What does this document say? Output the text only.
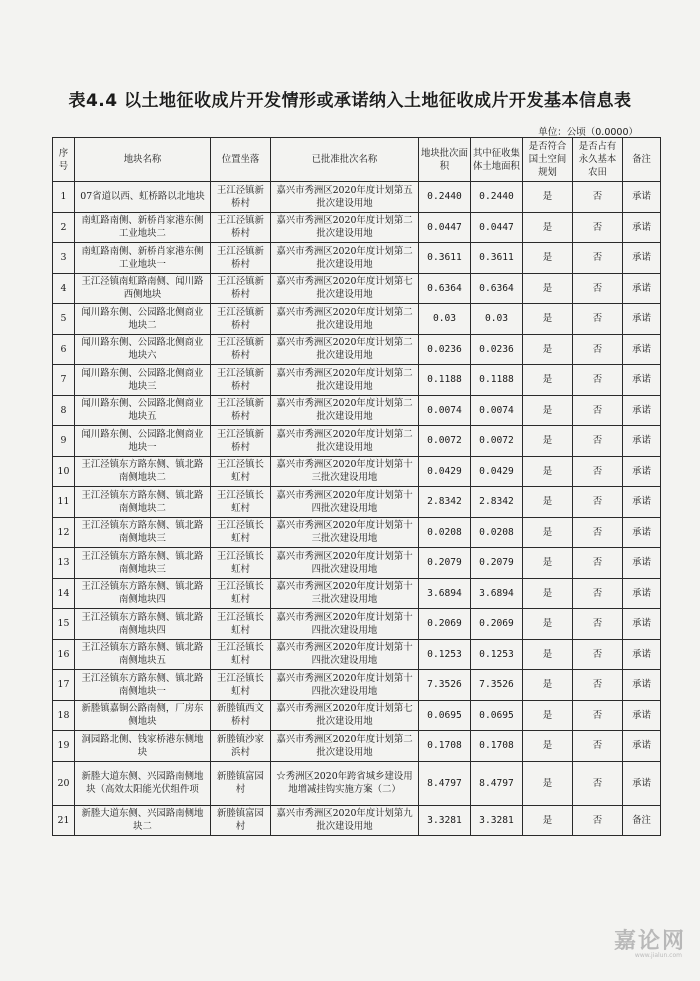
表4.4 以土地征收成片开发情形或承诺纳入土地征收成片开发基本信息表
单位：公顷（0.0000）
序号	地块名称	位置坐落	已批准批次名称	地块批次面积	其中征收集体土地面积	是否符合国土空间规划	是否占有永久基本农田	备注
1	07省道以西、虹桥路以北地块	王江泾镇新桥村	嘉兴市秀洲区2020年度计划第五批次建设用地	0.2440	0.2440	是	否	承诺
2	南虹路南侧、新桥肖家港东侧工业地块二	王江泾镇新桥村	嘉兴市秀洲区2020年度计划第二批次建设用地	0.0447	0.0447	是	否	承诺
3	南虹路南侧、新桥肖家港东侧工业地块一	王江泾镇新桥村	嘉兴市秀洲区2020年度计划第二批次建设用地	0.3611	0.3611	是	否	承诺
4	王江泾镇南虹路南侧、闻川路西侧地块	王江泾镇新桥村	嘉兴市秀洲区2020年度计划第七批次建设用地	0.6364	0.6364	是	否	承诺
5	闻川路东侧、公园路北侧商业地块二	王江泾镇新桥村	嘉兴市秀洲区2020年度计划第二批次建设用地	0.03	0.03	是	否	承诺
6	闻川路东侧、公园路北侧商业地块六	王江泾镇新桥村	嘉兴市秀洲区2020年度计划第二批次建设用地	0.0236	0.0236	是	否	承诺
7	闻川路东侧、公园路北侧商业地块三	王江泾镇新桥村	嘉兴市秀洲区2020年度计划第二批次建设用地	0.1188	0.1188	是	否	承诺
8	闻川路东侧、公园路北侧商业地块五	王江泾镇新桥村	嘉兴市秀洲区2020年度计划第二批次建设用地	0.0074	0.0074	是	否	承诺
9	闻川路东侧、公园路北侧商业地块一	王江泾镇新桥村	嘉兴市秀洲区2020年度计划第二批次建设用地	0.0072	0.0072	是	否	承诺
10	王江泾镇东方路东侧、镇北路南侧地块二	王江泾镇长虹村	嘉兴市秀洲区2020年度计划第十三批次建设用地	0.0429	0.0429	是	否	承诺
11	王江泾镇东方路东侧、镇北路南侧地块二	王江泾镇长虹村	嘉兴市秀洲区2020年度计划第十四批次建设用地	2.8342	2.8342	是	否	承诺
12	王江泾镇东方路东侧、镇北路南侧地块三	王江泾镇长虹村	嘉兴市秀洲区2020年度计划第十三批次建设用地	0.0208	0.0208	是	否	承诺
13	王江泾镇东方路东侧、镇北路南侧地块三	王江泾镇长虹村	嘉兴市秀洲区2020年度计划第十四批次建设用地	0.2079	0.2079	是	否	承诺
14	王江泾镇东方路东侧、镇北路南侧地块四	王江泾镇长虹村	嘉兴市秀洲区2020年度计划第十三批次建设用地	3.6894	3.6894	是	否	承诺
15	王江泾镇东方路东侧、镇北路南侧地块四	王江泾镇长虹村	嘉兴市秀洲区2020年度计划第十四批次建设用地	0.2069	0.2069	是	否	承诺
16	王江泾镇东方路东侧、镇北路南侧地块五	王江泾镇长虹村	嘉兴市秀洲区2020年度计划第十四批次建设用地	0.1253	0.1253	是	否	承诺
17	王江泾镇东方路东侧、镇北路南侧地块一	王江泾镇长虹村	嘉兴市秀洲区2020年度计划第十四批次建设用地	7.3526	7.3526	是	否	承诺
18	新塍镇嘉铜公路南侧，厂房东侧地块	新塍镇西文桥村	嘉兴市秀洲区2020年度计划第七批次建设用地	0.0695	0.0695	是	否	承诺
19	洞园路北侧、钱家桥港东侧地块	新塍镇沙家浜村	嘉兴市秀洲区2020年度计划第二批次建设用地	0.1708	0.1708	是	否	承诺
20	新塍大道东侧、兴园路南侧地块（高效太阳能光伏组件项	新塍镇富园村	☆秀洲区2020年跨省城乡建设用地增减挂钩实施方案（二）	8.4797	8.4797	是	否	承诺
21	新塍大道东侧、兴园路南侧地块二	新塍镇富园村	嘉兴市秀洲区2020年度计划第九批次建设用地	3.3281	3.3281	是	否	备注
嘉论网
www.jialun.com
